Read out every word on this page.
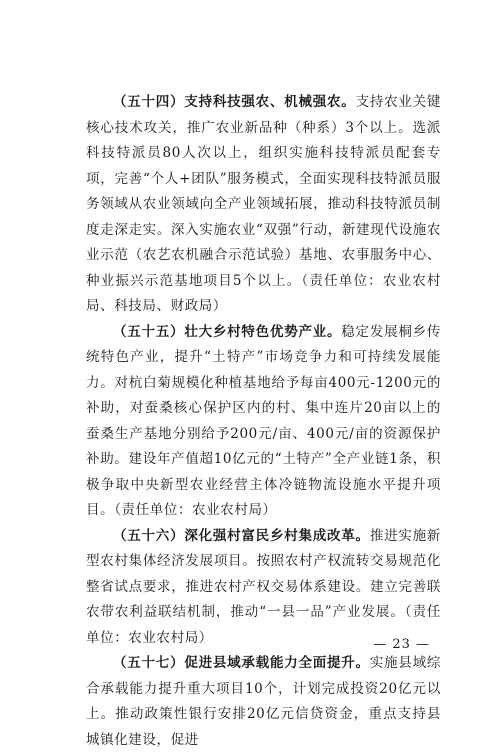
（五十四）支持科技强农、机械强农。支持农业关键核心技术攻关，推广农业新品种（种系）3个以上。选派科技特派员80人次以上，组织实施科技特派员配套专项，完善“个人+团队”服务模式，全面实现科技特派员服务领域从农业领域向全产业领域拓展，推动科技特派员制度走深走实。深入实施农业“双强”行动，新建现代设施农业示范（农艺农机融合示范试验）基地、农事服务中心、种业振兴示范基地项目5个以上。（责任单位：农业农村局、科技局、财政局）

（五十五）壮大乡村特色优势产业。稳定发展桐乡传统特色产业，提升“土特产”市场竞争力和可持续发展能力。对杭白菊规模化种植基地给予每亩400元-1200元的补助，对蚕桑核心保护区内的村、集中连片20亩以上的蚕桑生产基地分别给予200元/亩、400元/亩的资源保护补助。建设年产值超10亿元的“土特产”全产业链1条，积极争取中央新型农业经营主体冷链物流设施水平提升项目。（责任单位：农业农村局）

（五十六）深化强村富民乡村集成改革。推进实施新型农村集体经济发展项目。按照农村产权流转交易规范化整省试点要求，推进农村产权交易体系建设。建立完善联农带农利益联结机制，推动“一县一品”产业发展。（责任单位：农业农村局）

（五十七）促进县域承载能力全面提升。实施县域综合承载能力提升重大项目10个，计划完成投资20亿元以上。推动政策性银行安排20亿元信贷资金，重点支持县城镇化建设，促进

— 23 —
